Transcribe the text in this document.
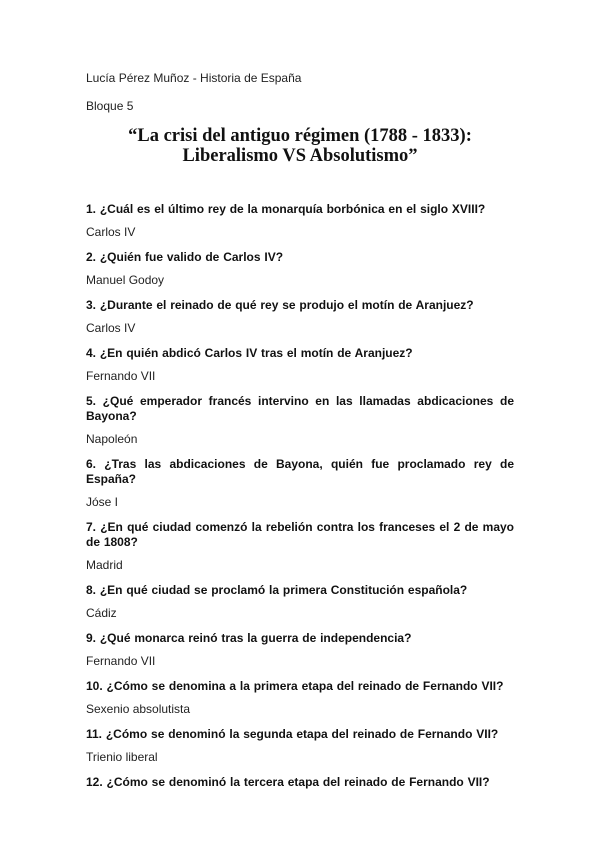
Lucía Pérez Muñoz - Historia de España
Bloque 5
“La crisi del antiguo régimen (1788 - 1833):
Liberalismo VS Absolutismo”
1. ¿Cuál es el último rey de la monarquía borbónica en el siglo XVIII?
Carlos IV
2. ¿Quién fue valido de Carlos IV?
Manuel Godoy
3. ¿Durante el reinado de qué rey se produjo el motín de Aranjuez?
Carlos IV
4. ¿En quién abdicó Carlos IV tras el motín de Aranjuez?
Fernando VII
5. ¿Qué emperador francés intervino en las llamadas abdicaciones de Bayona?
Napoleón
6. ¿Tras las abdicaciones de Bayona, quién fue proclamado rey de España?
Jóse I
7. ¿En qué ciudad comenzó la rebelión contra los franceses el 2 de mayo de 1808?
Madrid
8. ¿En qué ciudad se proclamó la primera Constitución española?
Cádiz
9. ¿Qué monarca reinó tras la guerra de independencia?
Fernando VII
10. ¿Cómo se denomina a la primera etapa del reinado de Fernando VII?
Sexenio absolutista
11. ¿Cómo se denominó la segunda etapa del reinado de Fernando VII?
Trienio liberal
12. ¿Cómo se denominó la tercera etapa del reinado de Fernando VII?
